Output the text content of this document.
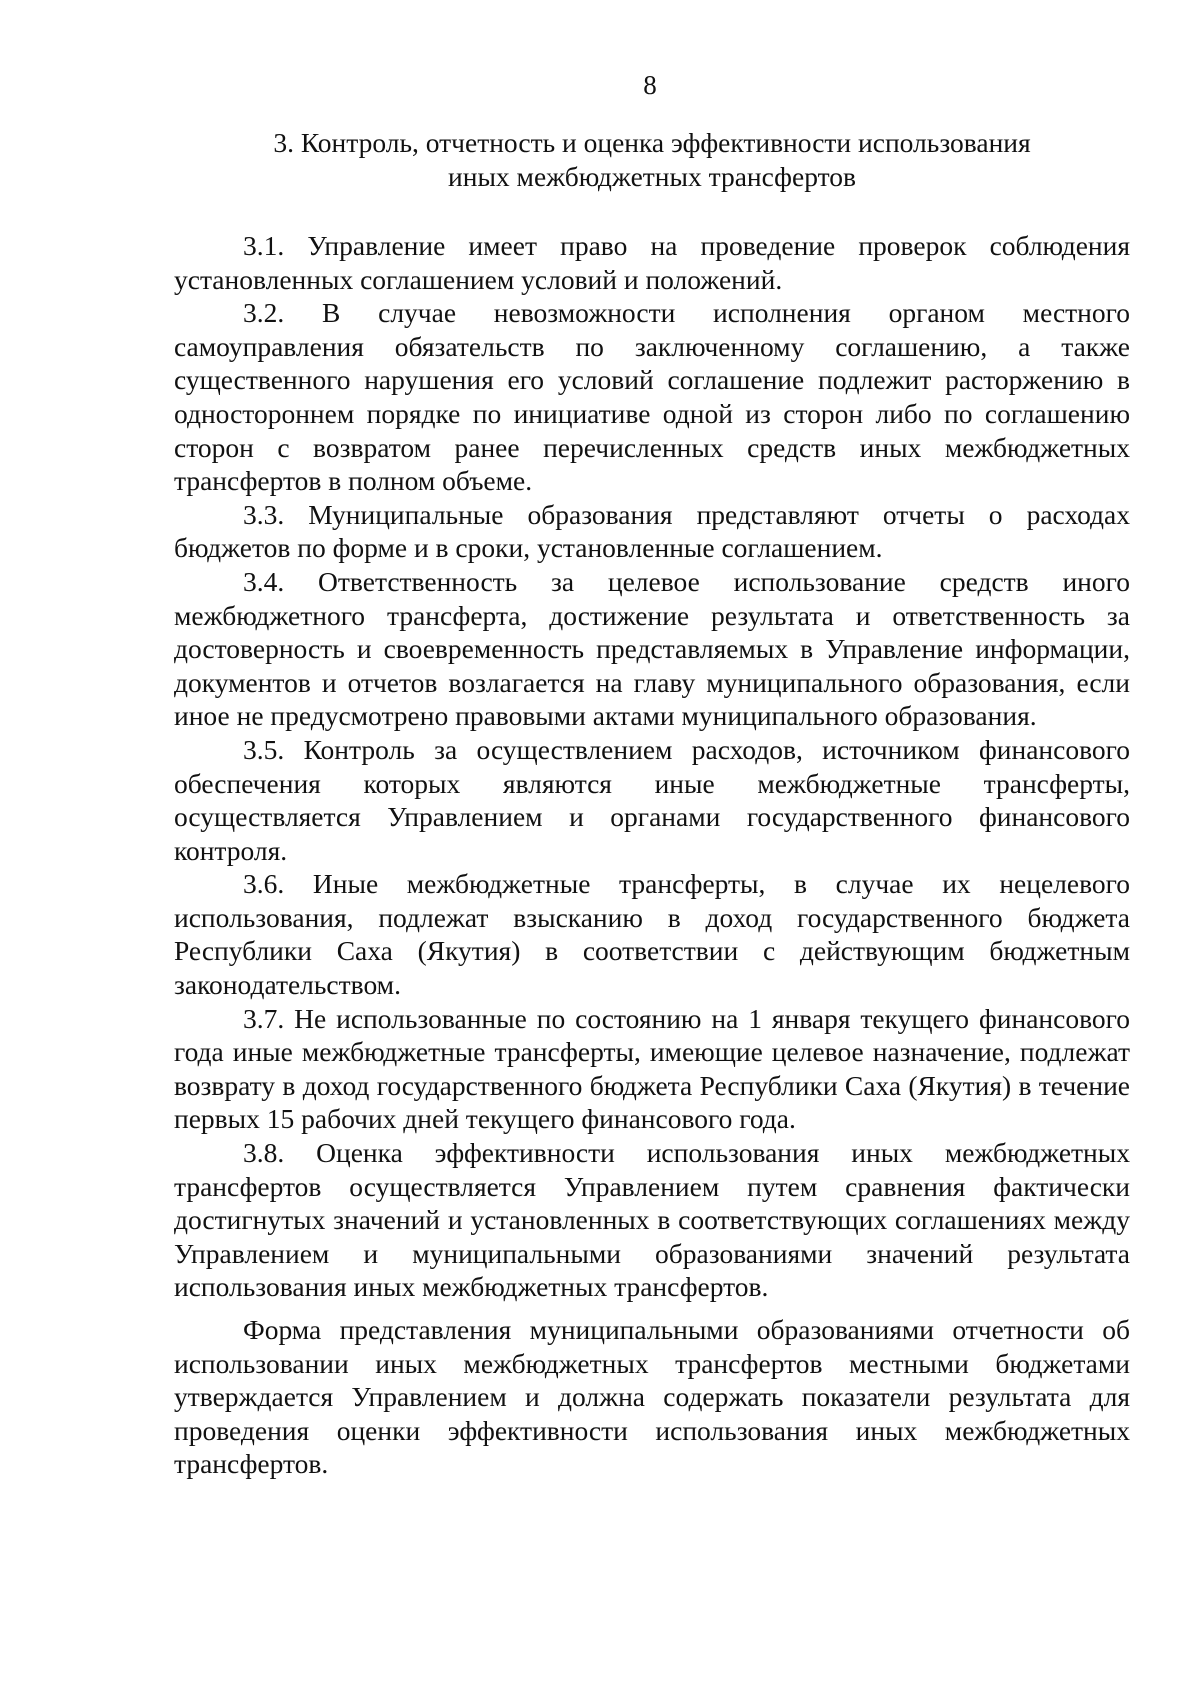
8
3. Контроль, отчетность и оценка эффективности использования
иных межбюджетных трансфертов

3.1. Управление имеет право на проведение проверок соблюдения установленных соглашением условий и положений.

3.2. В случае невозможности исполнения органом местного самоуправления обязательств по заключенному соглашению, а также существенного нарушения его условий соглашение подлежит расторжению в одностороннем порядке по инициативе одной из сторон либо по соглашению сторон с возвратом ранее перечисленных средств иных межбюджетных трансфертов в полном объеме.

3.3. Муниципальные образования представляют отчеты о расходах бюджетов по форме и в сроки, установленные соглашением.

3.4. Ответственность за целевое использование средств иного межбюджетного трансферта, достижение результата и ответственность за достоверность и своевременность представляемых в Управление информации, документов и отчетов возлагается на главу муниципального образования, если иное не предусмотрено правовыми актами муниципального образования.

3.5. Контроль за осуществлением расходов, источником финансового обеспечения которых являются иные межбюджетные трансферты, осуществляется Управлением и органами государственного финансового контроля.

3.6. Иные межбюджетные трансферты, в случае их нецелевого использования, подлежат взысканию в доход государственного бюджета Республики Саха (Якутия) в соответствии с действующим бюджетным законодательством.

3.7. Не использованные по состоянию на 1 января текущего финансового года иные межбюджетные трансферты, имеющие целевое назначение, подлежат возврату в доход государственного бюджета Республики Саха (Якутия) в течение первых 15 рабочих дней текущего финансового года.

3.8. Оценка эффективности использования иных межбюджетных трансфертов осуществляется Управлением путем сравнения фактически достигнутых значений и установленных в соответствующих соглашениях между Управлением и муниципальными образованиями значений результата использования иных межбюджетных трансфертов.

Форма представления муниципальными образованиями отчетности об использовании иных межбюджетных трансфертов местными бюджетами утверждается Управлением и должна содержать показатели результата для проведения оценки эффективности использования иных межбюджетных трансфертов.
